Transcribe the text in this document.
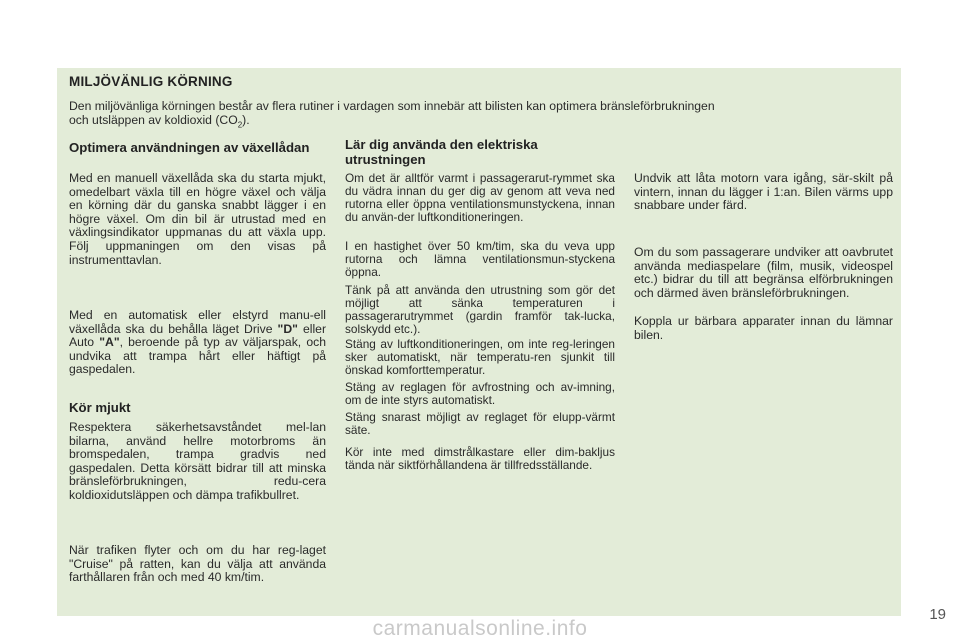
MILJÖVÄNLIG KÖRNING
Den miljövänliga körningen består av flera rutiner i vardagen som innebär att bilisten kan optimera bränsleförbrukningen
och utsläppen av koldioxid $(CO_2)$.

Optimera användningen av växellådan

Med en manuell växellåda ska du starta mjukt, omedelbart växla till en högre växel och välja en körning där du ganska snabbt lägger i en högre växel. Om din bil är utrustad med en växlingsindikator uppmanas du att växla upp. Följ uppmaningen om den visas på instrumenttavlan.

Med en automatisk eller elstyrd manu-ell växellåda ska du behålla läget Drive "D" eller Auto "A", beroende på typ av väljarspak, och undvika att trampa hårt eller häftigt på gaspedalen.

Kör mjukt

Respektera säkerhetsavståndet mel-lan bilarna, använd hellre motorbroms än bromspedalen, trampa gradvis ned gaspedalen. Detta körsätt bidrar till att minska bränsleförbrukningen, redu-cera koldioxidutsläppen och dämpa trafikbullret.

När trafiken flyter och om du har reg-laget "Cruise" på ratten, kan du välja att använda farthållaren från och med 40 km/tim.

Lär dig använda den elektriska utrustningen

Om det är alltför varmt i passagerarut-rymmet ska du vädra innan du ger dig av genom att veva ned rutorna eller öppna ventilationsmunstyckena, innan du använ-der luftkonditioneringen.

I en hastighet över 50 km/tim, ska du veva upp rutorna och lämna ventilationsmun-styckena öppna.

Tänk på att använda den utrustning som gör det möjligt att sänka temperaturen i passagerarutrymmet (gardin framför tak-lucka, solskydd etc.).

Stäng av luftkonditioneringen, om inte reg-leringen sker automatiskt, när temperatu-ren sjunkit till önskad komforttemperatur.

Stäng av reglagen för avfrostning och av-imning, om de inte styrs automatiskt.

Stäng snarast möjligt av reglaget för elupp-värmt säte.

Kör inte med dimstrålkastare eller dim-bakljus tända när siktförhållandena är tillfredsställande.

Undvik att låta motorn vara igång, sär-skilt på vintern, innan du lägger i 1:an. Bilen värms upp snabbare under färd.

Om du som passagerare undviker att oavbrutet använda mediaspelare (film, musik, videospel etc.) bidrar du till att begränsa elförbrukningen och därmed även bränsleförbrukningen.

Koppla ur bärbara apparater innan du lämnar bilen.

19
carmanualsonline.info
